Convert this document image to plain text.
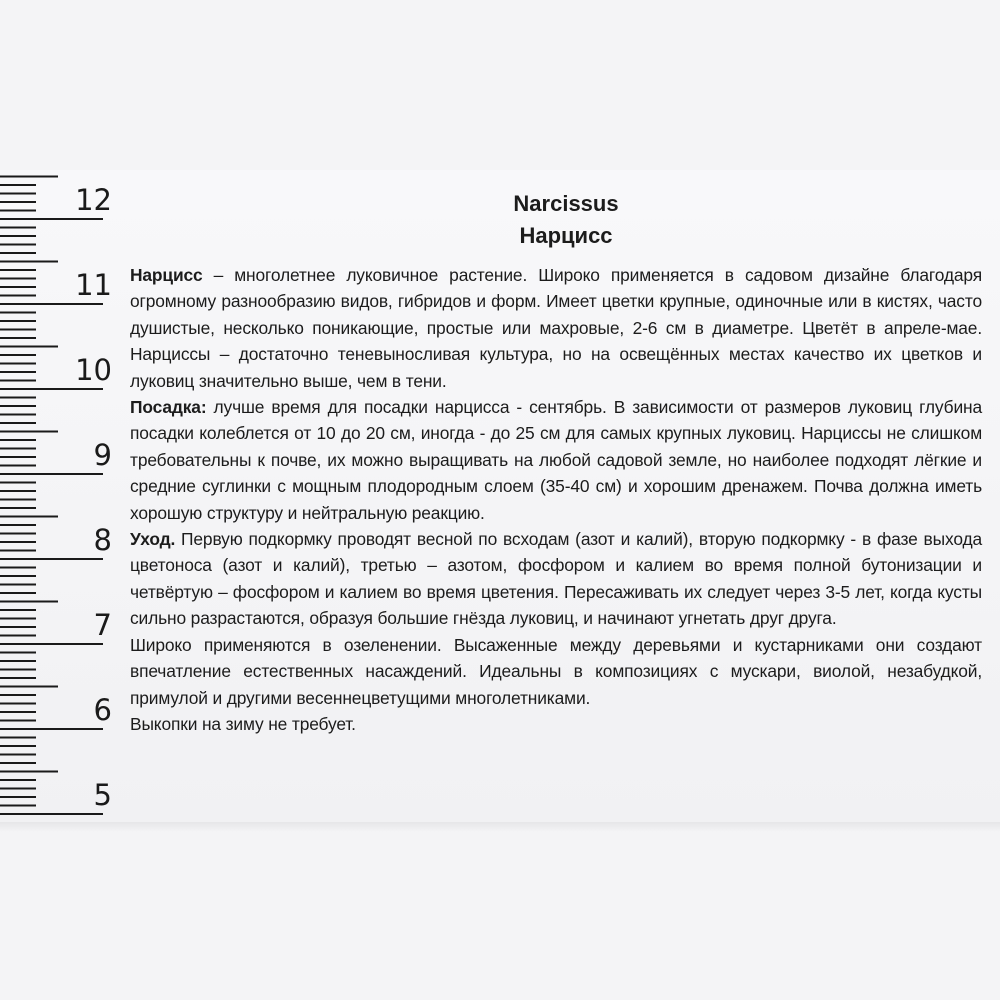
12
11
10
9
8
7
6
5

Narcissus

Нарцисс

Нарцисс – многолетнее луковичное растение. Широко применяется в садовом дизайне благодаря огромному разнообразию видов, гибридов и форм. Имеет цветки крупные, одиночные или в кистях, часто душистые, несколько поникающие, простые или махровые, 2-6 см в диаметре. Цветёт в апреле-мае. Нарциссы – достаточно теневыносливая культура, но на освещённых местах качество их цветков и луковиц значительно выше, чем в тени.

Посадка: лучше время для посадки нарцисса - сентябрь. В зависимости от размеров луковиц глубина посадки колеблется от 10 до 20 см, иногда - до 25 см для самых крупных луковиц. Нарциссы не слишком требовательны к почве, их можно выращивать на любой садовой земле, но наиболее подходят лёгкие и средние суглинки с мощным плодородным слоем (35-40 см) и хорошим дренажем. Почва должна иметь хорошую структуру и нейтральную реакцию.

Уход. Первую подкормку проводят весной по всходам (азот и калий), вторую подкормку - в фазе выхода цветоноса (азот и калий), третью – азотом, фосфором и калием во время полной бутонизации и четвёртую – фосфором и калием во время цветения. Пересаживать их следует через 3-5 лет, когда кусты сильно разрастаются, образуя большие гнёзда луковиц, и начинают угнетать друг друга.

Широко применяются в озеленении. Высаженные между деревьями и кустарниками они создают впечатление естественных насаждений. Идеальны в композициях с мускари, виолой, незабудкой, примулой и другими весеннецветущими многолетниками.

Выкопки на зиму не требует.
